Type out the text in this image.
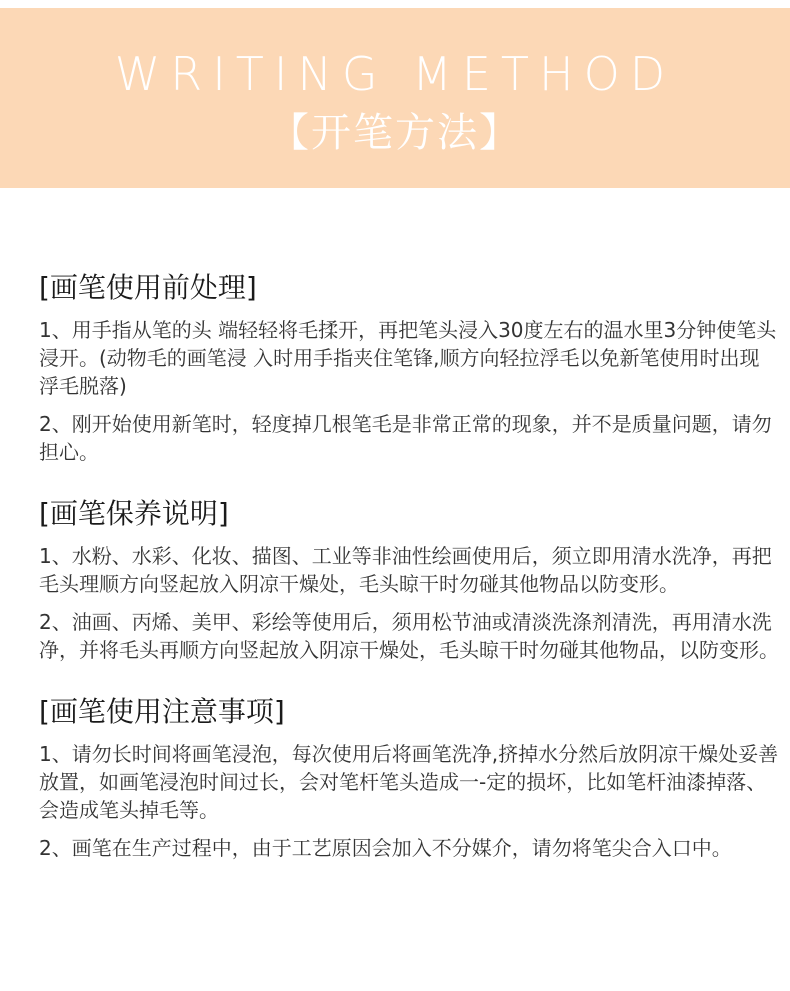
WRITING METHOD
【开笔方法】
[画笔使用前处理]

1、用手指从笔的头 端轻轻将毛揉开，再把笔头浸入30度左右的温水里3分钟使笔头浸开。(动物毛的画笔浸 入时用手指夹住笔锋,顺方向轻拉浮毛以免新笔使用时出现浮毛脱落)

2、刚开始使用新笔时，轻度掉几根笔毛是非常正常的现象，并不是质量问题，请勿担心。

[画笔保养说明]

1、水粉、水彩、化妆、描图、工业等非油性绘画使用后，须立即用清水洗净，再把毛头理顺方向竖起放入阴凉干燥处，毛头晾干时勿碰其他物品以防变形。

2、油画、丙烯、美甲、彩绘等使用后，须用松节油或清淡洗涤剂清洗，再用清水洗净，并将毛头再顺方向竖起放入阴凉干燥处，毛头晾干时勿碰其他物品，以防变形。

[画笔使用注意事项]

1、请勿长时间将画笔浸泡，每次使用后将画笔洗净,挤掉水分然后放阴凉干燥处妥善放置，如画笔浸泡时间过长，会对笔杆笔头造成一-定的损坏，比如笔杆油漆掉落、会造成笔头掉毛等。

2、画笔在生产过程中，由于工艺原因会加入不分媒介，请勿将笔尖合入口中。
